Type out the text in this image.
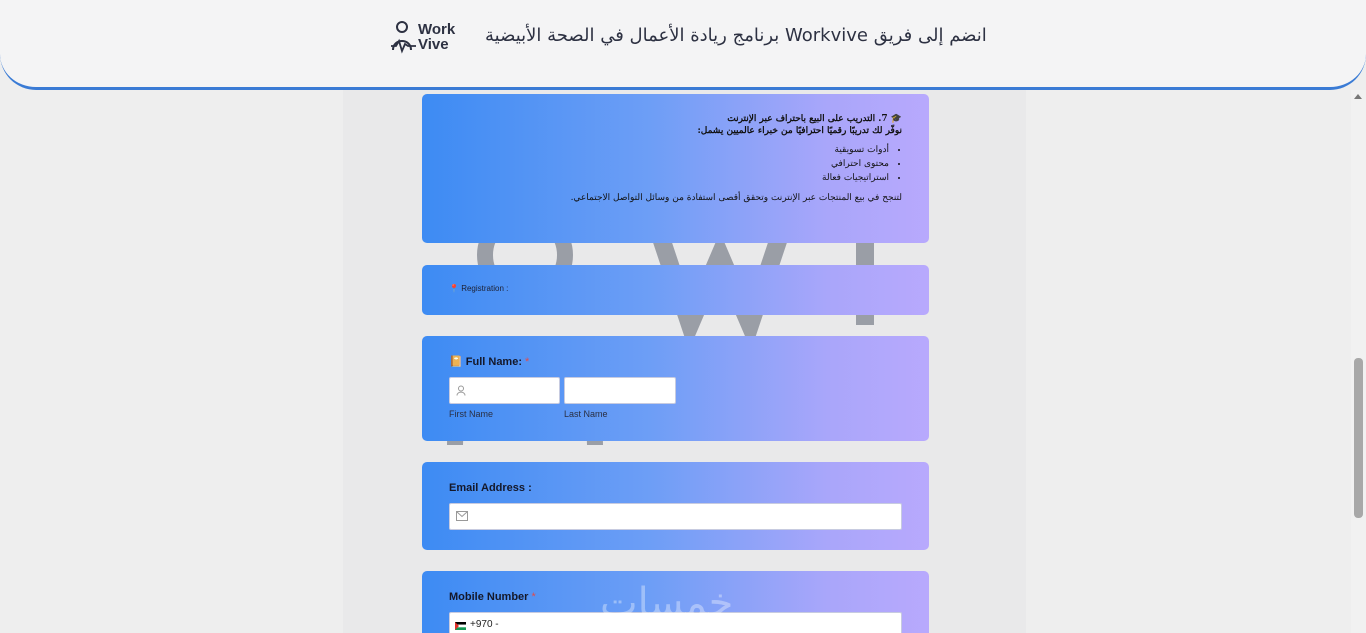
انضم إلى فريق Workvive برنامج ريادة الأعمال في الصحة الأبيضية
Work
Vive
🎓 7. التدريب على البيع باحتراف عبر الإنترنت
نوفّر لك تدريبًا رقميًا احترافيًا من خبراء عالميين يشمل:
• أدوات تسويقية
• محتوى احترافي
• استراتيجيات فعالة
لتنجح في بيع المنتجات عبر الإنترنت وتحقق أقصى استفادة من وسائل التواصل الاجتماعي.
📍 Registration :
📔 Full Name: *
First Name	Last Name
Email Address :
Mobile Number *
+970 -	خمسات
